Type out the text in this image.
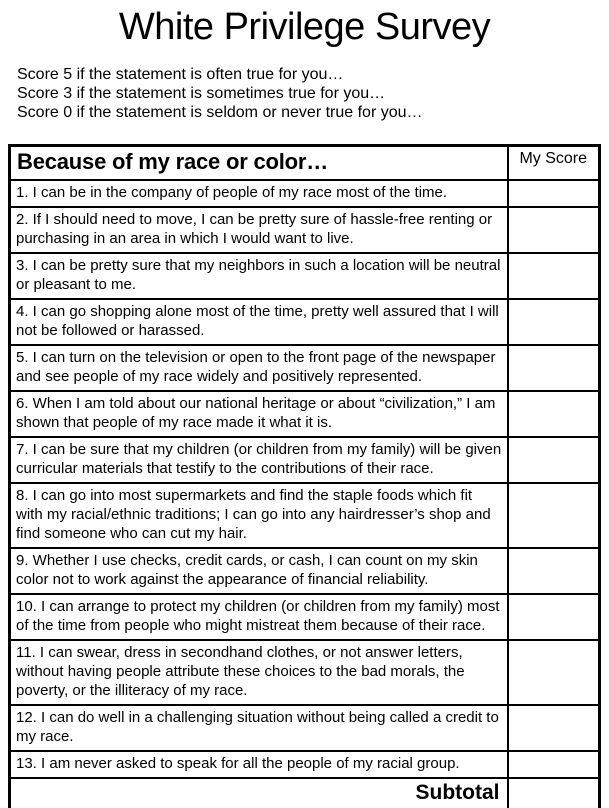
White Privilege Survey
Score 5 if the statement is often true for you…
Score 3 if the statement is sometimes true for you…
Score 0 if the statement is seldom or never true for you…
Because of my race or color…	My Score
1. I can be in the company of people of my race most of the time.	
2. If I should need to move, I can be pretty sure of hassle-free renting or purchasing in an area in which I would want to live.	
3. I can be pretty sure that my neighbors in such a location will be neutral or pleasant to me.	
4. I can go shopping alone most of the time, pretty well assured that I will not be followed or harassed.	
5. I can turn on the television or open to the front page of the newspaper and see people of my race widely and positively represented.	
6. When I am told about our national heritage or about “civilization,” I am shown that people of my race made it what it is.	
7. I can be sure that my children (or children from my family) will be given curricular materials that testify to the contributions of their race.	
8. I can go into most supermarkets and find the staple foods which fit with my racial/ethnic traditions; I can go into any hairdresser’s shop and find someone who can cut my hair.	
9. Whether I use checks, credit cards, or cash, I can count on my skin color not to work against the appearance of financial reliability.	
10. I can arrange to protect my children (or children from my family) most of the time from people who might mistreat them because of their race.	
11. I can swear, dress in secondhand clothes, or not answer letters, without having people attribute these choices to the bad morals, the poverty, or the illiteracy of my race.	
12. I can do well in a challenging situation without being called a credit to my race.	
13. I am never asked to speak for all the people of my racial group.	
Subtotal	
